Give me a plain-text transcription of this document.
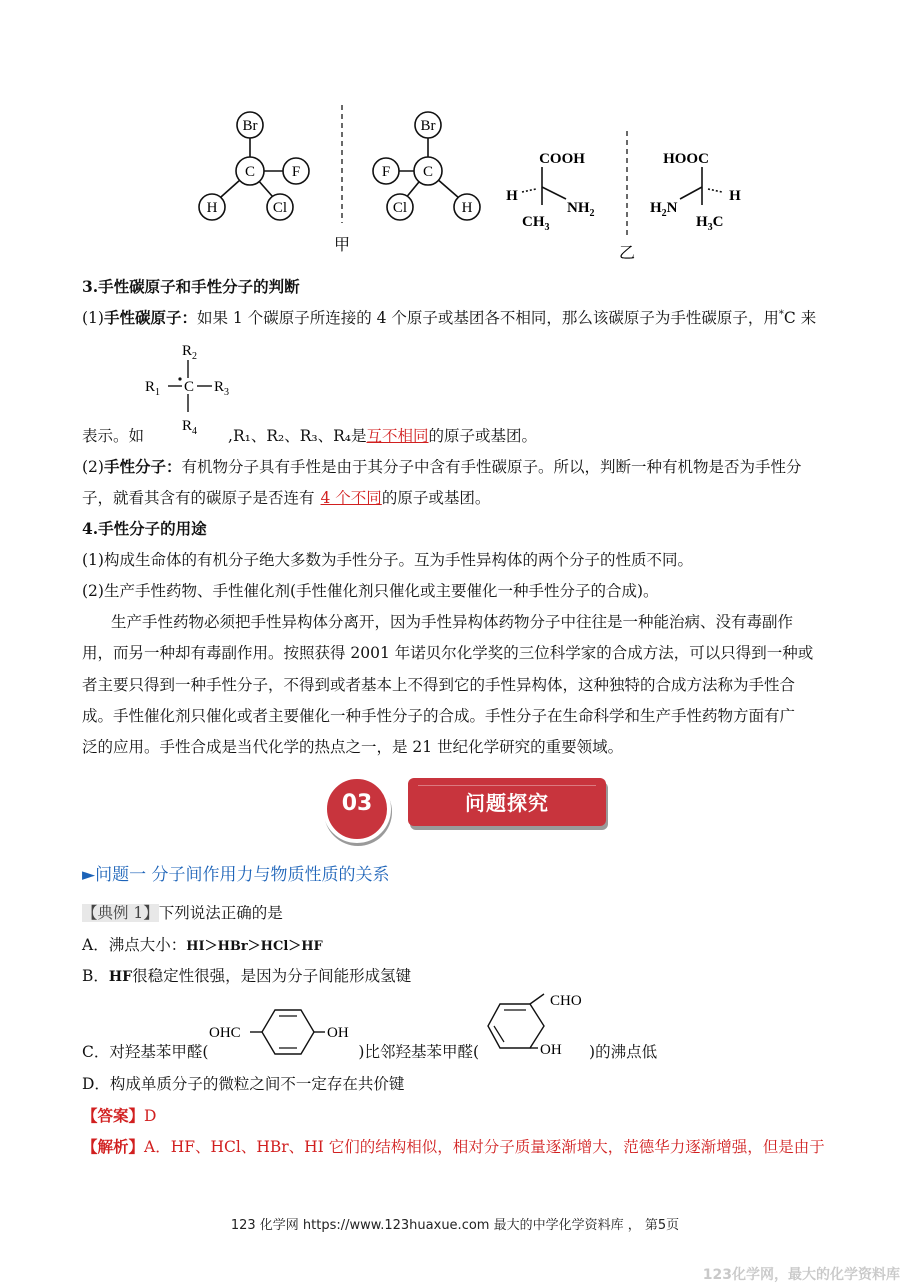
Br
C F
H	Cl
甲
Br
C
F
Cl	H
COOH
H
$NH_2$
$CH_3$
乙
HOOC
$H_2N$
H
$H_3C$
3.手性碳原子和手性分子的判断
(1)手性碳原子：如果 1 个碳原子所连接的 4 个原子或基团各不相同，那么该碳原子为手性碳原子，用*C 来
$R_2$
$R_1$ C $R_3$
$R_4$
表示。如	,R₁、R₂、R₃、R₄是互不相同的原子或基团。
(2)手性分子：有机物分子具有手性是由于其分子中含有手性碳原子。所以，判断一种有机物是否为手性分
子，就看其含有的碳原子是否连有 4 个不同的原子或基团。
4.手性分子的用途
(1)构成生命体的有机分子绝大多数为手性分子。互为手性异构体的两个分子的性质不同。
(2)生产手性药物、手性催化剂(手性催化剂只催化或主要催化一种手性分子的合成)。
生产手性药物必须把手性异构体分离开，因为手性异构体药物分子中往往是一种能治病、没有毒副作
用，而另一种却有毒副作用。按照获得 2001 年诺贝尔化学奖的三位科学家的合成方法，可以只得到一种或
者主要只得到一种手性分子，不得到或者基本上不得到它的手性异构体，这种独特的合成方法称为手性合
成。手性催化剂只催化或者主要催化一种手性分子的合成。手性分子在生命科学和生产手性药物方面有广
泛的应用。手性合成是当代化学的热点之一，是 21 世纪化学研究的重要领域。
问题探究
03
►问题一 分子间作用力与物质性质的关系
【典例 1】下列说法正确的是
A．沸点大小：HI＞HBr＞HCl＞HF
B．HF很稳定性很强，是因为分子间能形成氢键
C．对羟基苯甲醛(	)比邻羟基苯甲醛(	)的沸点低
OHC	OH
CHO
OH
D．构成单质分子的微粒之间不一定存在共价键
【答案】D
【解析】A．HF、HCl、HBr、HI 它们的结构相似，相对分子质量逐渐增大，范德华力逐渐增强，但是由于
123 化学网 https://www.123huaxue.com 最大的中学化学资料库 ， 第5页
123化学网，最大的化学资料库
